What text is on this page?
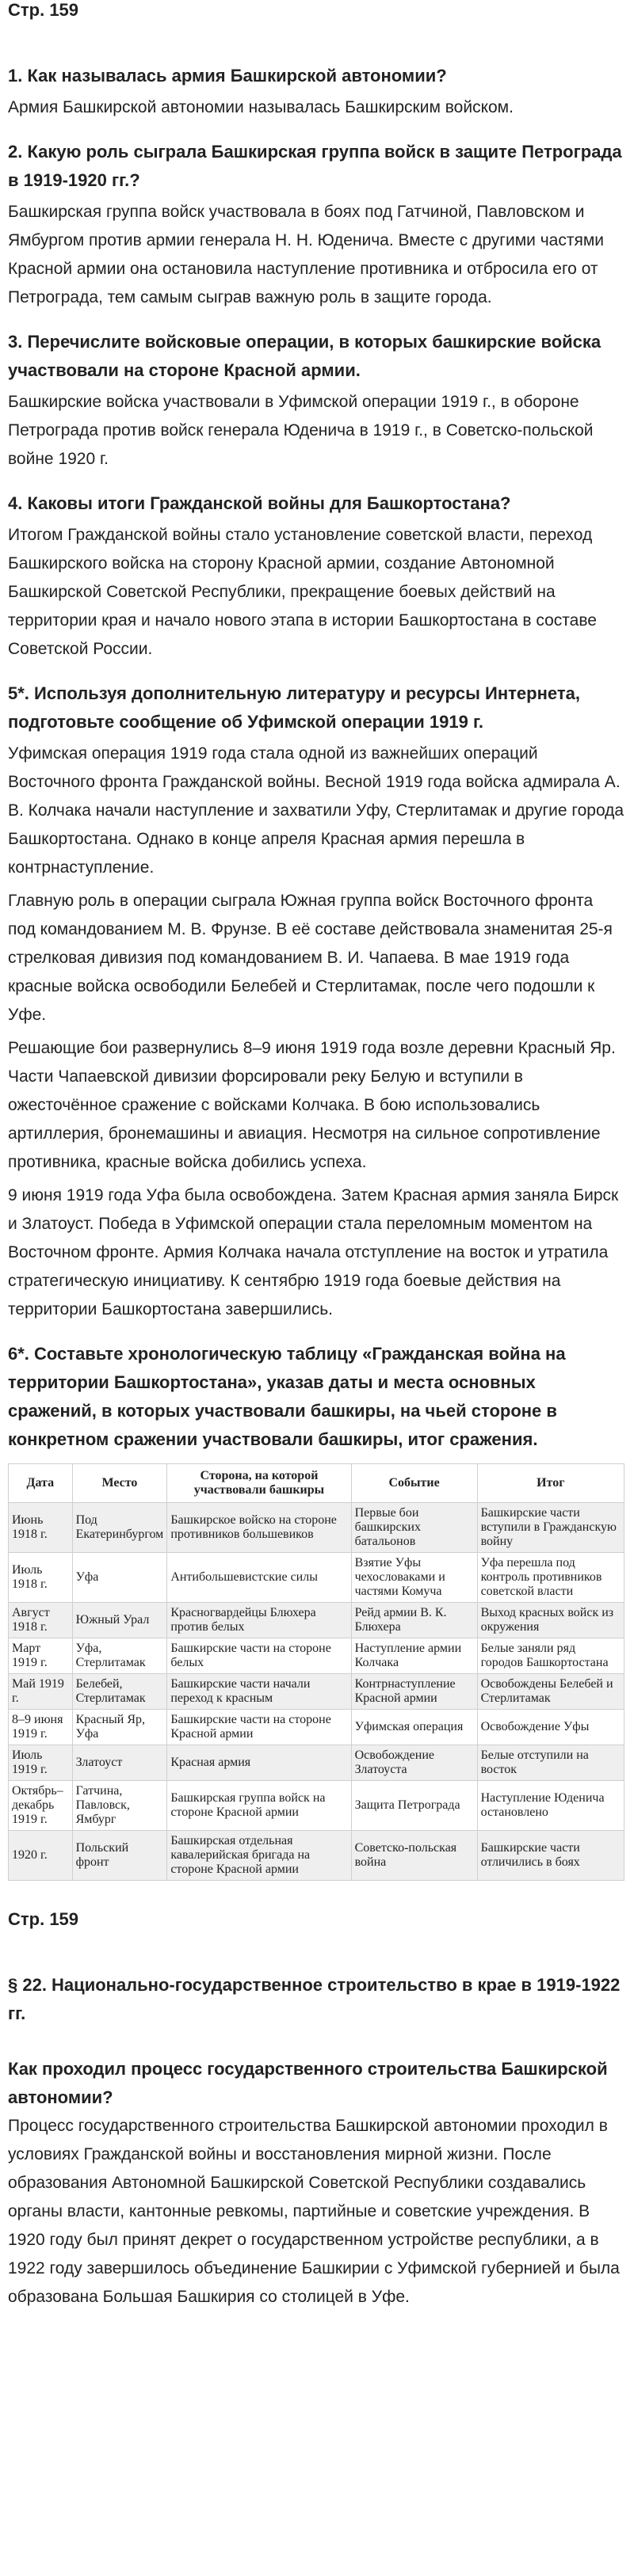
Стр. 159
1. Как называлась армия Башкирской автономии?
Армия Башкирской автономии называлась Башкирским войском.
2. Какую роль сыграла Башкирская группа войск в защите Петрограда в 1919-1920 гг.?
Башкирская группа войск участвовала в боях под Гатчиной, Павловском и Ямбургом против армии генерала Н. Н. Юденича. Вместе с другими частями Красной армии она остановила наступление противника и отбросила его от Петрограда, тем самым сыграв важную роль в защите города.
3. Перечислите войсковые операции, в которых башкирские войска участвовали на стороне Красной армии.
Башкирские войска участвовали в Уфимской операции 1919 г., в обороне Петрограда против войск генерала Юденича в 1919 г., в Советско-польской войне 1920 г.
4. Каковы итоги Гражданской войны для Башкортостана?
Итогом Гражданской войны стало установление советской власти, переход Башкирского войска на сторону Красной армии, создание Автономной Башкирской Советской Республики, прекращение боевых действий на территории края и начало нового этапа в истории Башкортостана в составе Советской России.
5*. Используя дополнительную литературу и ресурсы Интернета, подготовьте сообщение об Уфимской операции 1919 г.
Уфимская операция 1919 года стала одной из важнейших операций Восточного фронта Гражданской войны. Весной 1919 года войска адмирала А. В. Колчака начали наступление и захватили Уфу, Стерлитамак и другие города Башкортостана. Однако в конце апреля Красная армия перешла в контрнаступление.
Главную роль в операции сыграла Южная группа войск Восточного фронта под командованием М. В. Фрунзе. В её составе действовала знаменитая 25-я стрелковая дивизия под командованием В. И. Чапаева. В мае 1919 года красные войска освободили Белебей и Стерлитамак, после чего подошли к Уфе.
Решающие бои развернулись 8–9 июня 1919 года возле деревни Красный Яр. Части Чапаевской дивизии форсировали реку Белую и вступили в ожесточённое сражение с войсками Колчака. В бою использовались артиллерия, бронемашины и авиация. Несмотря на сильное сопротивление противника, красные войска добились успеха.
9 июня 1919 года Уфа была освобождена. Затем Красная армия заняла Бирск и Златоуст. Победа в Уфимской операции стала переломным моментом на Восточном фронте. Армия Колчака начала отступление на восток и утратила стратегическую инициативу. К сентябрю 1919 года боевые действия на территории Башкортостана завершились.
6*. Составьте хронологическую таблицу «Гражданская война на территории Башкортостана», указав даты и места основных сражений, в которых участвовали башкиры, на чьей стороне в конкретном сражении участвовали башкиры, итог сражения.
Дата	Место	Сторона, на которой участвовали башкиры	Событие	Итог
Июнь 1918 г.	Под Екатеринбургом	Башкирское войско на стороне противников большевиков	Первые бои башкирских батальонов	Башкирские части вступили в Гражданскую войну
Июль 1918 г.	Уфа	Антибольшевистские силы	Взятие Уфы чехословаками и частями Комуча	Уфа перешла под контроль противников советской власти
Август 1918 г.	Южный Урал	Красногвардейцы Блюхера против белых	Рейд армии В. К. Блюхера	Выход красных войск из окружения
Март 1919 г.	Уфа, Стерлитамак	Башкирские части на стороне белых	Наступление армии Колчака	Белые заняли ряд городов Башкортостана
Май 1919 г.	Белебей, Стерлитамак	Башкирские части начали переход к красным	Контрнаступление Красной армии	Освобождены Белебей и Стерлитамак
8–9 июня 1919 г.	Красный Яр, Уфа	Башкирские части на стороне Красной армии	Уфимская операция	Освобождение Уфы
Июль 1919 г.	Златоуст	Красная армия	Освобождение Златоуста	Белые отступили на восток
Октябрь–декабрь 1919 г.	Гатчина, Павловск, Ямбург	Башкирская группа войск на стороне Красной армии	Защита Петрограда	Наступление Юденича остановлено
1920 г.	Польский фронт	Башкирская отдельная кавалерийская бригада на стороне Красной армии	Советско-польская война	Башкирские части отличились в боях
Стр. 159
§ 22. Национально-государственное строительство в крае в 1919-1922 гг.
Как проходил процесс государственного строительства Башкирской автономии?
Процесс государственного строительства Башкирской автономии проходил в условиях Гражданской войны и восстановления мирной жизни. После образования Автономной Башкирской Советской Республики создавались органы власти, кантонные ревкомы, партийные и советские учреждения. В 1920 году был принят декрет о государственном устройстве республики, а в 1922 году завершилось объединение Башкирии с Уфимской губернией и была образована Большая Башкирия со столицей в Уфе.
